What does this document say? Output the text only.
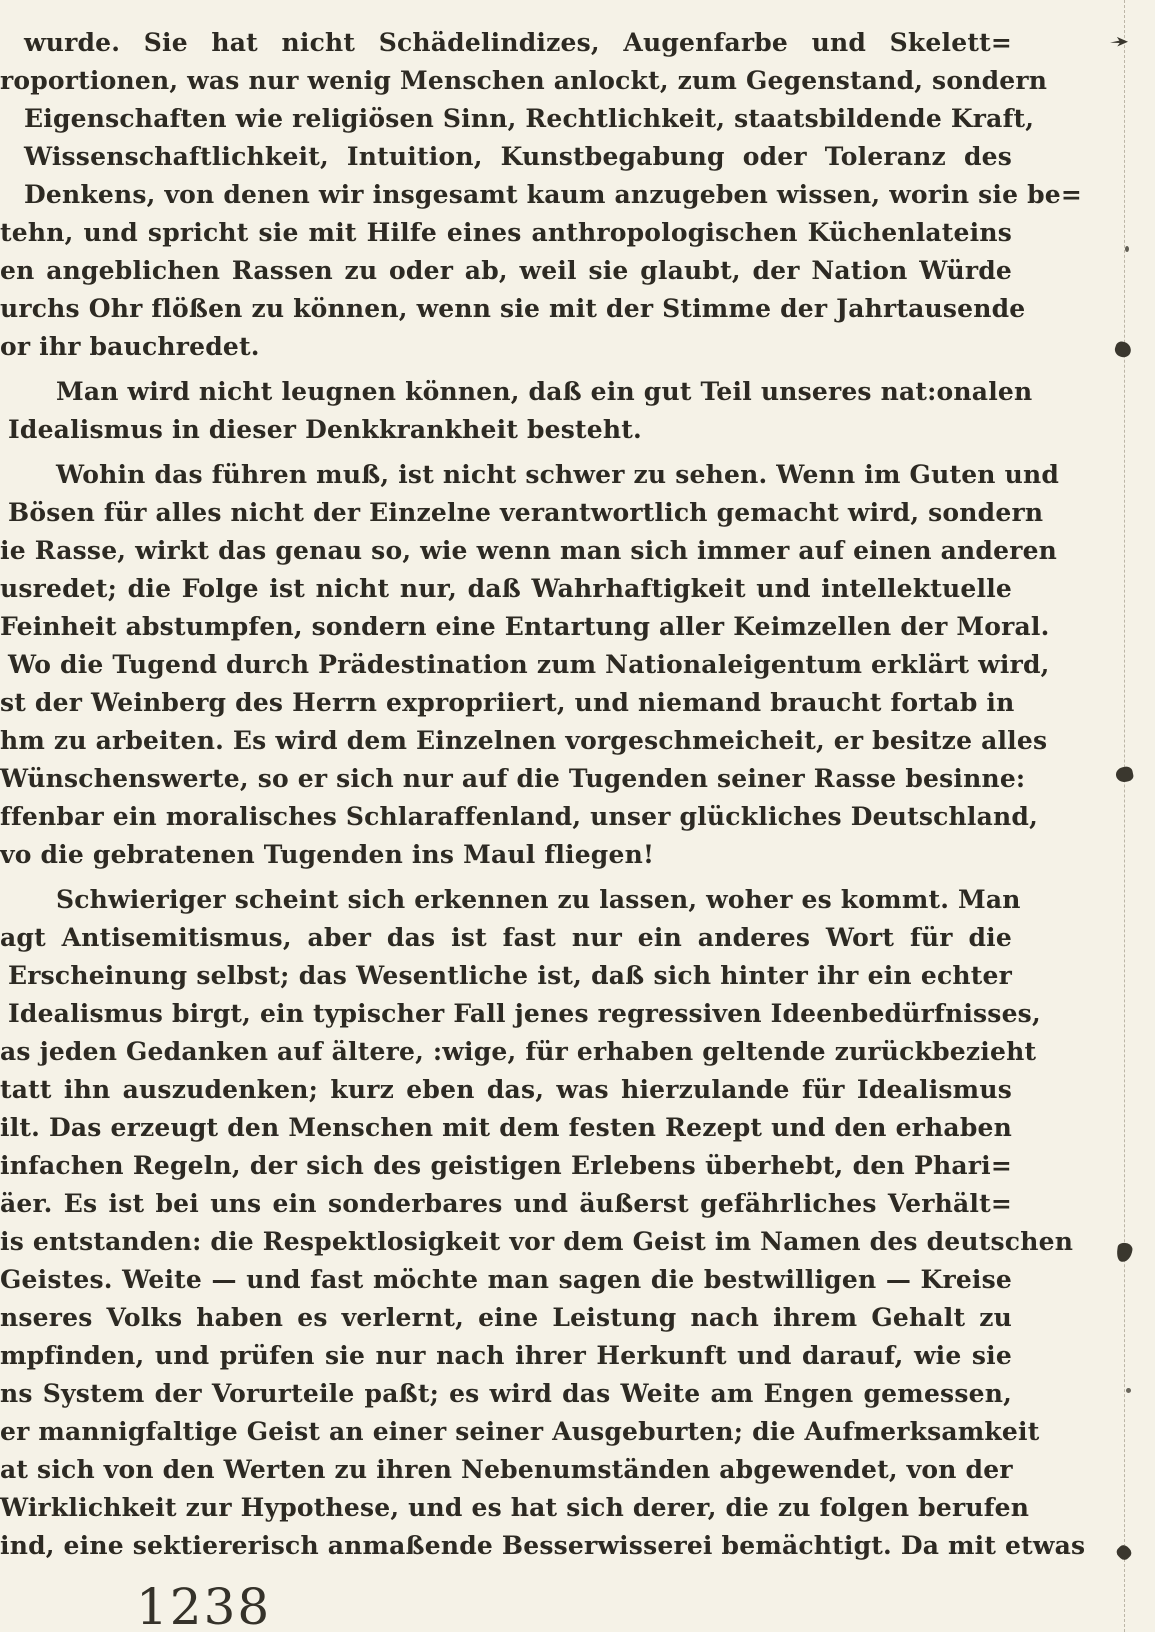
wurde. Sie hat nicht Schädelindizes, Augenfarbe und Skelett=
roportionen, was nur wenig Menschen anlockt, zum Gegenstand, sondern
Eigenschaften wie religiösen Sinn, Rechtlichkeit, staatsbildende Kraft,
Wissenschaftlichkeit, Intuition, Kunstbegabung oder Toleranz des
Denkens, von denen wir insgesamt kaum anzugeben wissen, worin sie be=
tehn, und spricht sie mit Hilfe eines anthropologischen Küchenlateins
en angeblichen Rassen zu oder ab, weil sie glaubt, der Nation Würde
urchs Ohr flößen zu können, wenn sie mit der Stimme der Jahrtausende
or ihr bauchredet.
Man wird nicht leugnen können, daß ein gut Teil unseres nat:onalen
Idealismus in dieser Denkkrankheit besteht.
Wohin das führen muß, ist nicht schwer zu sehen. Wenn im Guten und
Bösen für alles nicht der Einzelne verantwortlich gemacht wird, sondern
ie Rasse, wirkt das genau so, wie wenn man sich immer auf einen anderen
usredet; die Folge ist nicht nur, daß Wahrhaftigkeit und intellektuelle
Feinheit abstumpfen, sondern eine Entartung aller Keimzellen der Moral.
Wo die Tugend durch Prädestination zum Nationaleigentum erklärt wird,
st der Weinberg des Herrn expropriiert, und niemand braucht fortab in
hm zu arbeiten. Es wird dem Einzelnen vorgeschmeicheit, er besitze alles
Wünschenswerte, so er sich nur auf die Tugenden seiner Rasse besinne:
ffenbar ein moralisches Schlaraffenland, unser glückliches Deutschland,
vo die gebratenen Tugenden ins Maul fliegen!
Schwieriger scheint sich erkennen zu lassen, woher es kommt. Man
agt Antisemitismus, aber das ist fast nur ein anderes Wort für die
Erscheinung selbst; das Wesentliche ist, daß sich hinter ihr ein echter
Idealismus birgt, ein typischer Fall jenes regressiven Ideenbedürfnisses,
as jeden Gedanken auf ältere, :wige, für erhaben geltende zurückbezieht
tatt ihn auszudenken; kurz eben das, was hierzulande für Idealismus
ilt. Das erzeugt den Menschen mit dem festen Rezept und den erhaben
infachen Regeln, der sich des geistigen Erlebens überhebt, den Phari=
äer. Es ist bei uns ein sonderbares und äußerst gefährliches Verhält=
is entstanden: die Respektlosigkeit vor dem Geist im Namen des deutschen
Geistes. Weite — und fast möchte man sagen die bestwilligen — Kreise
nseres Volks haben es verlernt, eine Leistung nach ihrem Gehalt zu
mpfinden, und prüfen sie nur nach ihrer Herkunft und darauf, wie sie
ns System der Vorurteile paßt; es wird das Weite am Engen gemessen,
er mannigfaltige Geist an einer seiner Ausgeburten; die Aufmerksamkeit
at sich von den Werten zu ihren Nebenumständen abgewendet, von der
Wirklichkeit zur Hypothese, und es hat sich derer, die zu folgen berufen
ind, eine sektiererisch anmaßende Besserwisserei bemächtigt. Da mit etwas
1238
